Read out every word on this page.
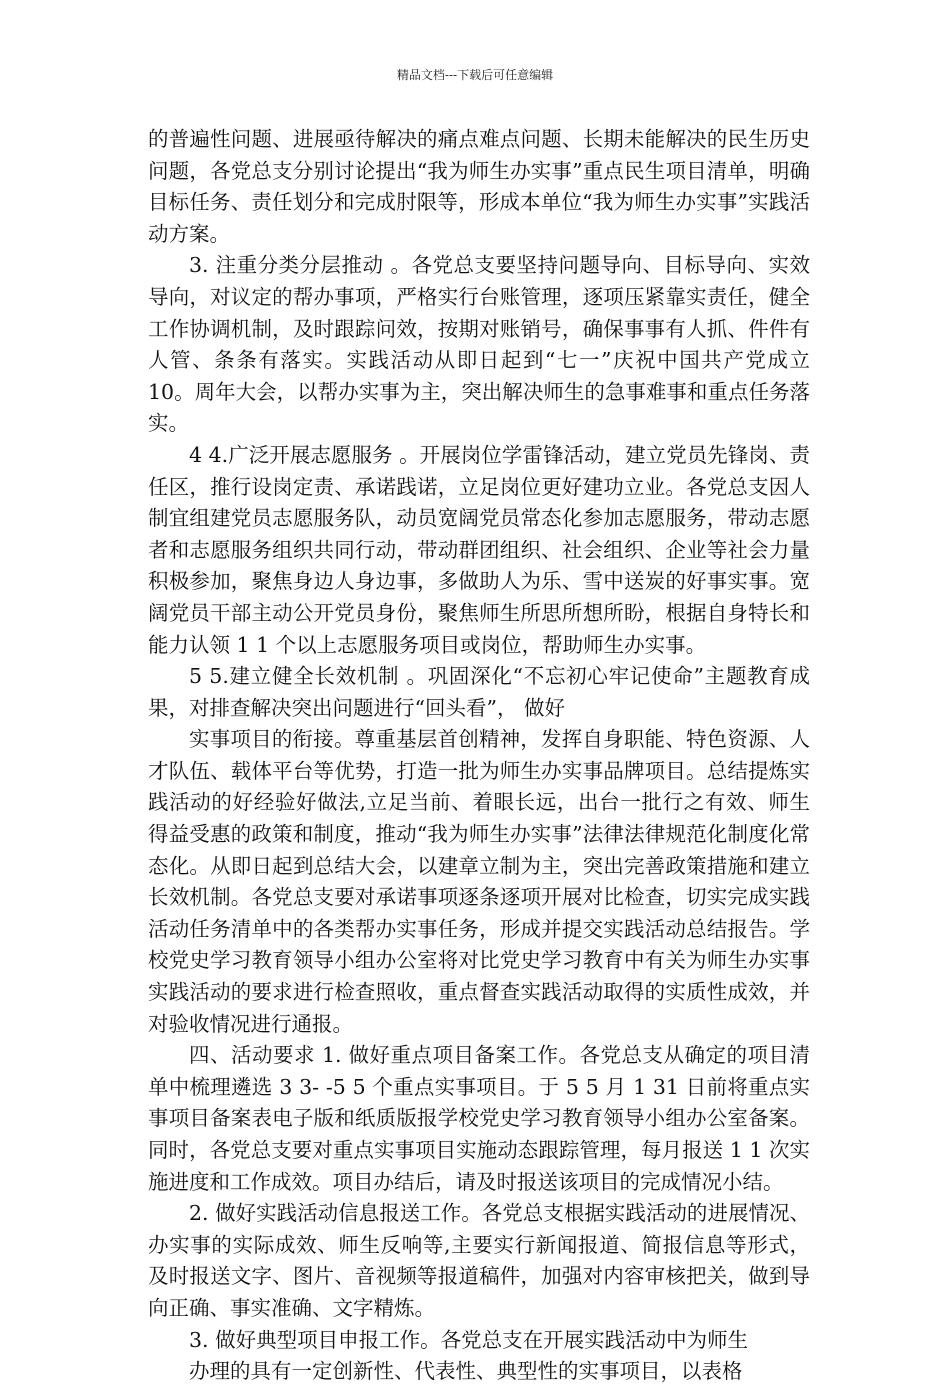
精品文档---下载后可任意编辑

的普遍性问题、进展亟待解决的痛点难点问题、长期未能解决的民生历史问题，各党总支分别讨论提出“我为师生办实事”重点民生项目清单，明确目标任务、责任划分和完成肘限等，形成本单位“我为师生办实事”实践活动方案。

3. 注重分类分层推动 。各党总支要坚持问题导向、目标导向、实效导向，对议定的帮办事项，严格实行台账管理，逐项压紧靠实责任，健全工作协调机制，及时跟踪问效，按期对账销号，确保事事有人抓、件件有人管、条条有落实。实践活动从即日起到“七一”庆祝中国共产党成立 10。周年大会，以帮办实事为主，突出解决师生的急事难事和重点任务落实。

4 4.广泛开展志愿服务 。开展岗位学雷锋活动，建立党员先锋岗、责任区，推行设岗定责、承诺践诺，立足岗位更好建功立业。各党总支因人制宜组建党员志愿服务队，动员宽阔党员常态化参加志愿服务，带动志愿者和志愿服务组织共同行动，带动群团组织、社会组织、企业等社会力量积极参加，聚焦身边人身边事，多做助人为乐、雪中送炭的好事实事。宽阔党员干部主动公开党员身份，聚焦师生所思所想所盼，根据自身特长和能力认领 1 1 个以上志愿服务项目或岗位，帮助师生办实事。

5 5.建立健全长效机制 。巩固深化“不忘初心牢记使命”主题教育成果，对排查解决突出问题进行“回头看”， 做好

实事项目的衔接。尊重基层首创精神，发挥自身职能、特色资源、人才队伍、载体平台等优势，打造一批为师生办实事品牌项目。总结提炼实践活动的好经验好做法,立足当前、着眼长远，出台一批行之有效、师生得益受惠的政策和制度，推动“我为师生办实事”法律法律规范化制度化常态化。从即日起到总结大会，以建章立制为主，突出完善政策措施和建立长效机制。各党总支要对承诺事项逐条逐项开展对比检查，切实完成实践活动任务清单中的各类帮办实事任务，形成并提交实践活动总结报告。学校党史学习教育领导小组办公室将对比党史学习教育中有关为师生办实事实践活动的要求进行检查照收，重点督查实践活动取得的实质性成效，并对验收情况进行通报。

四、活动要求 1. 做好重点项目备案工作。各党总支从确定的项目清单中梳理遴选 3 3- -5 5 个重点实事项目。于 5 5 月 1 31 日前将重点实事项目备案表电子版和纸质版报学校党史学习教育领导小组办公室备案。同时，各党总支要对重点实事项目实施动态跟踪管理，每月报送 1 1 次实施进度和工作成效。项目办结后，请及时报送该项目的完成情况小结。

2. 做好实践活动信息报送工作。各党总支根据实践活动的进展情况、办实事的实际成效、师生反响等,主要实行新闻报道、简报信息等形式，及时报送文字、图片、音视频等报道稿件，加强对内容审核把关，做到导向正确、事实准确、文字精炼。

3. 做好典型项目申报工作。各党总支在开展实践活动中为师生

办理的具有一定创新性、代表性、典型性的实事项目，以表格
